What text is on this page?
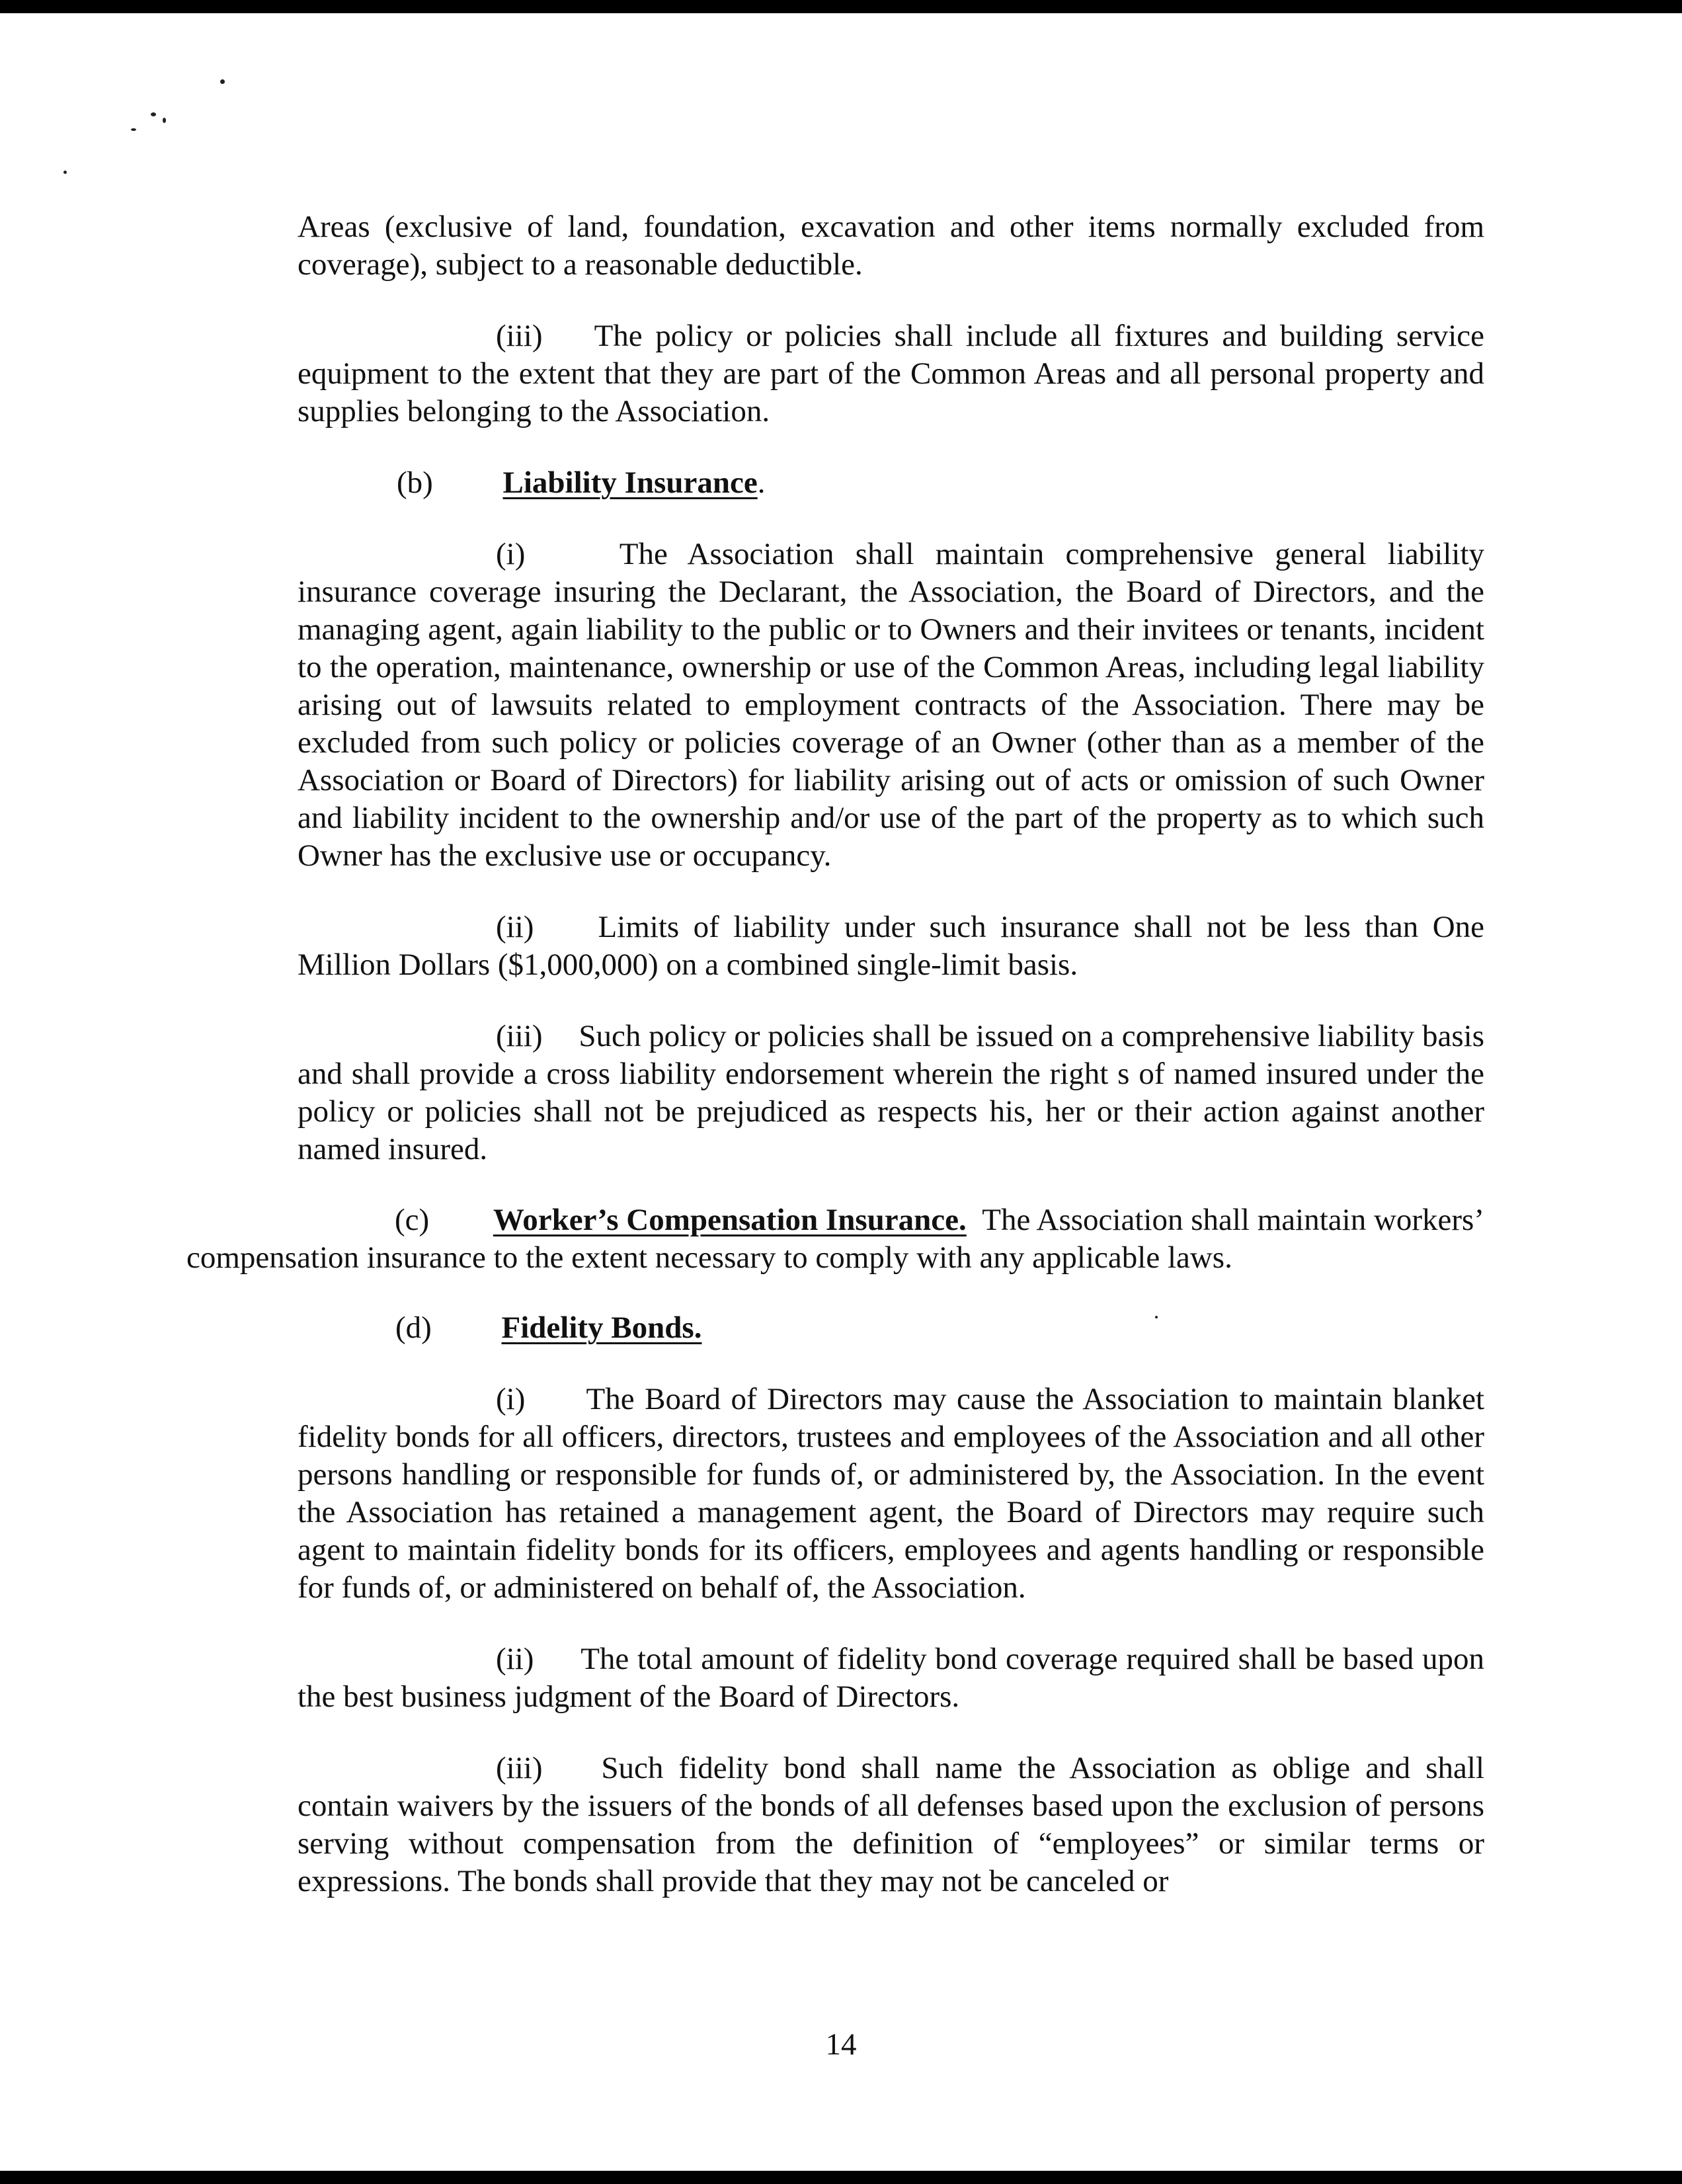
Areas (exclusive of land, foundation, excavation and other items normally excluded from coverage), subject to a reasonable deductible.

(iii) The policy or policies shall include all fixtures and building service equipment to the extent that they are part of the Common Areas and all personal property and supplies belonging to the Association.

(b) Liability Insurance.

(i)	The Association shall maintain comprehensive general liability insurance coverage insuring the Declarant, the Association, the Board of Directors, and the managing agent, again liability to the public or to Owners and their invitees or tenants, incident to the operation, maintenance, ownership or use of the Common Areas, including legal liability arising out of lawsuits related to employment contracts of the Association. There may be excluded from such policy or policies coverage of an Owner (other than as a member of the Association or Board of Directors) for liability arising out of acts or omission of such Owner and liability incident to the ownership and/or use of the part of the property as to which such Owner has the exclusive use or occupancy.

(ii) Limits of liability under such insurance shall not be less than One Million Dollars ($1,000,000) on a combined single-limit basis.

(iii) Such policy or policies shall be issued on a comprehensive liability basis and shall provide a cross liability endorsement wherein the right s of named insured under the policy or policies shall not be prejudiced as respects his, her or their action against another named insured.

(c) Worker’s Compensation Insurance. The Association shall maintain workers’ compensation insurance to the extent necessary to comply with any applicable laws.

(d) Fidelity Bonds.

(i) The Board of Directors may cause the Association to maintain blanket fidelity bonds for all officers, directors, trustees and employees of the Association and all other persons handling or responsible for funds of, or administered by, the Association. In the event the Association has retained a management agent, the Board of Directors may require such agent to maintain fidelity bonds for its officers, employees and agents handling or responsible for funds of, or administered on behalf of, the Association.

(ii) The total amount of fidelity bond coverage required shall be based upon the best business judgment of the Board of Directors.

(iii) Such fidelity bond shall name the Association as oblige and shall contain waivers by the issuers of the bonds of all defenses based upon the exclusion of persons serving without compensation from the definition of “employees” or similar terms or expressions. The bonds shall provide that they may not be canceled or

14
